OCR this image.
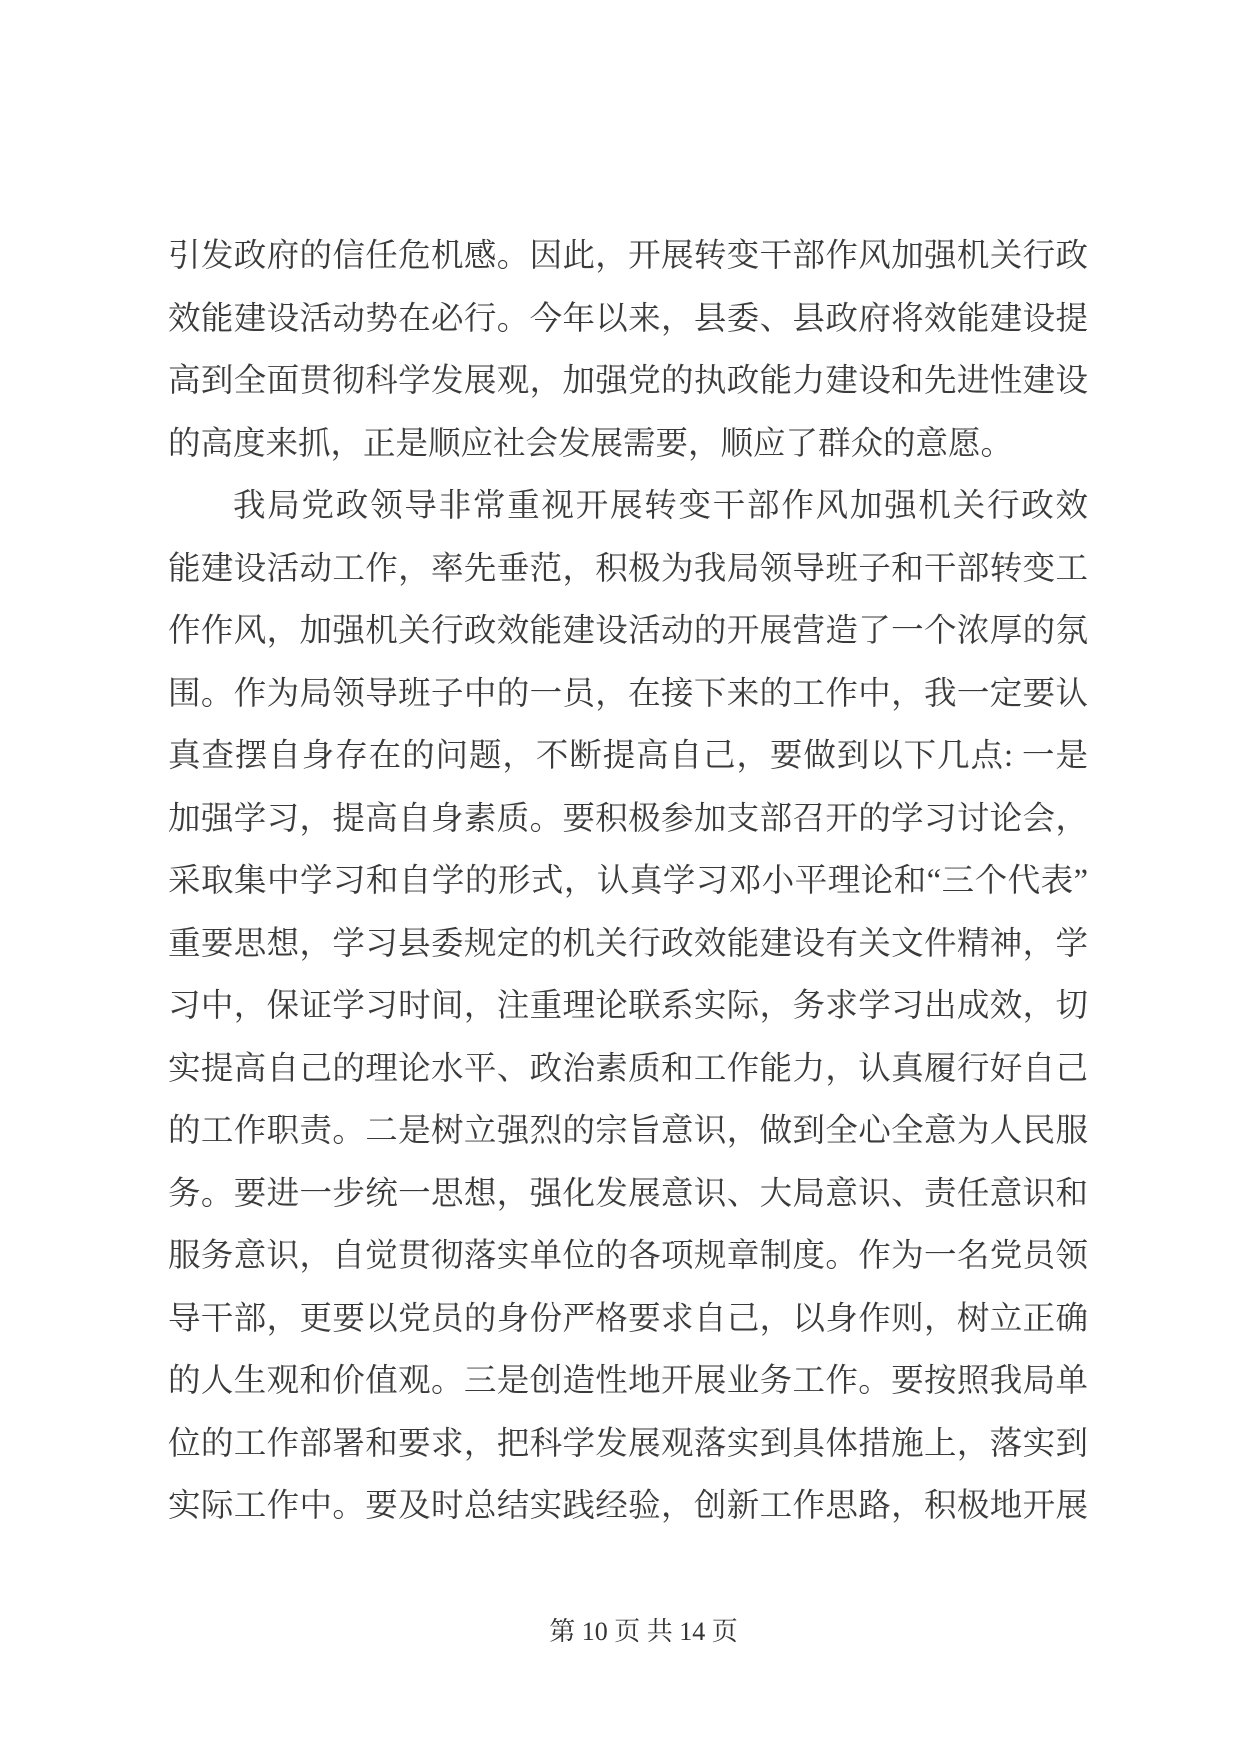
引发政府的信任危机感。因此，开展转变干部作风加强机关行政
效能建设活动势在必行。今年以来，县委、县政府将效能建设提
高到全面贯彻科学发展观，加强党的执政能力建设和先进性建设
的高度来抓，正是顺应社会发展需要，顺应了群众的意愿。
我局党政领导非常重视开展转变干部作风加强机关行政效
能建设活动工作，率先垂范，积极为我局领导班子和干部转变工
作作风，加强机关行政效能建设活动的开展营造了一个浓厚的氛
围。作为局领导班子中的一员，在接下来的工作中，我一定要认
真查摆自身存在的问题，不断提高自己，要做到以下几点: 一是
加强学习，提高自身素质。要积极参加支部召开的学习讨论会，
采取集中学习和自学的形式，认真学习邓小平理论和“三个代表”
重要思想，学习县委规定的机关行政效能建设有关文件精神，学
习中，保证学习时间，注重理论联系实际，务求学习出成效，切
实提高自己的理论水平、政治素质和工作能力，认真履行好自己
的工作职责。二是树立强烈的宗旨意识，做到全心全意为人民服
务。要进一步统一思想，强化发展意识、大局意识、责任意识和
服务意识，自觉贯彻落实单位的各项规章制度。作为一名党员领
导干部，更要以党员的身份严格要求自己，以身作则，树立正确
的人生观和价值观。三是创造性地开展业务工作。要按照我局单
位的工作部署和要求，把科学发展观落实到具体措施上，落实到
实际工作中。要及时总结实践经验，创新工作思路，积极地开展
第 10 页 共 14 页
